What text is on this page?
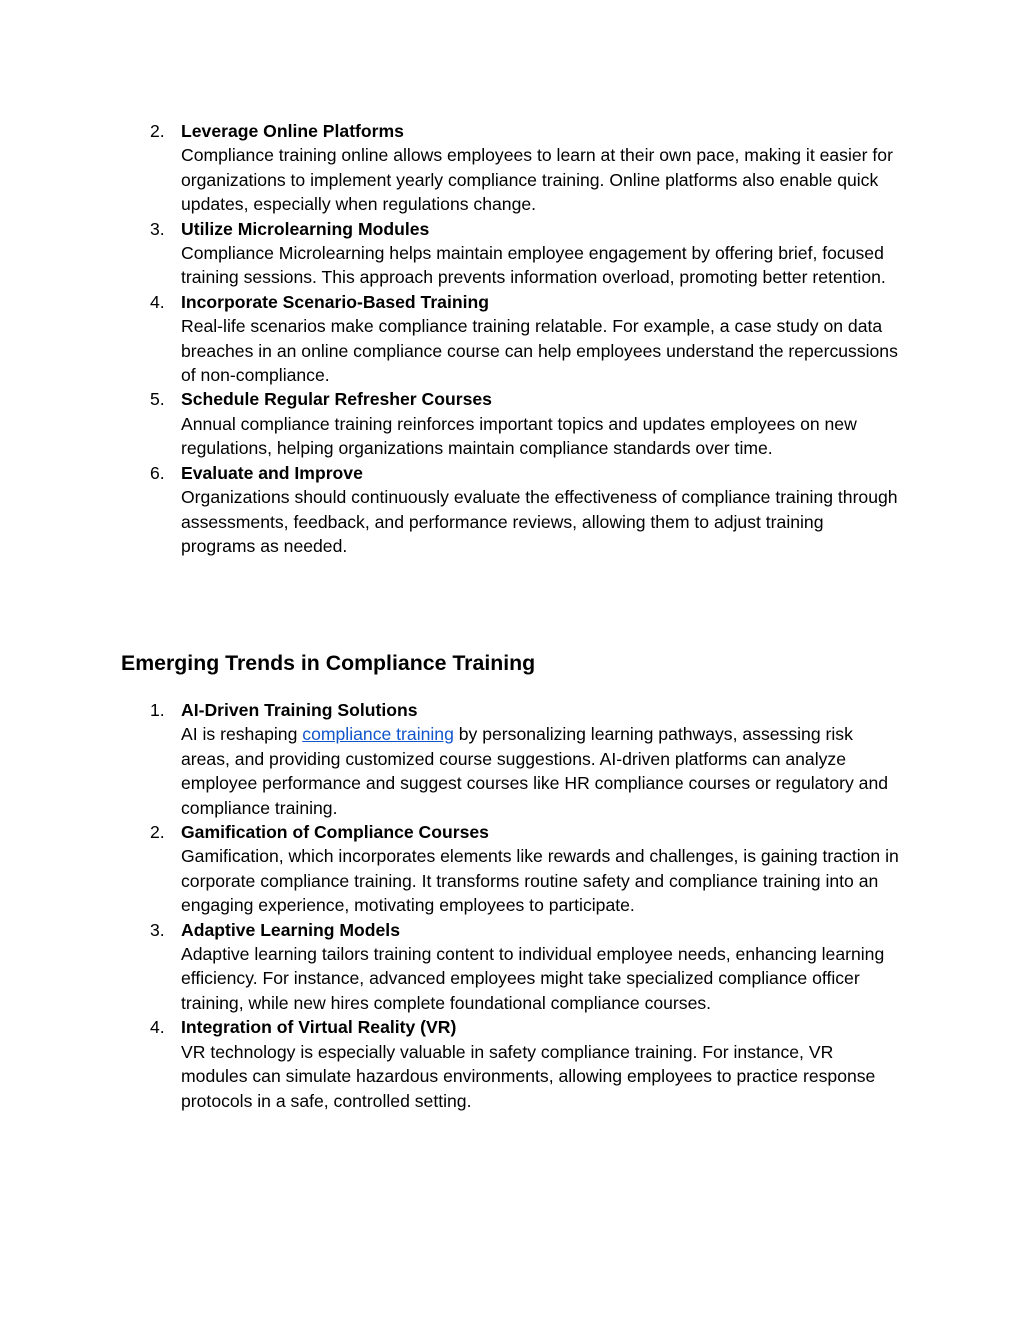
2. Leverage Online Platforms
Compliance training online allows employees to learn at their own pace, making it easier for organizations to implement yearly compliance training. Online platforms also enable quick updates, especially when regulations change.
3. Utilize Microlearning Modules
Compliance Microlearning helps maintain employee engagement by offering brief, focused training sessions. This approach prevents information overload, promoting better retention.
4. Incorporate Scenario-Based Training
Real-life scenarios make compliance training relatable. For example, a case study on data breaches in an online compliance course can help employees understand the repercussions of non-compliance.
5. Schedule Regular Refresher Courses
Annual compliance training reinforces important topics and updates employees on new regulations, helping organizations maintain compliance standards over time.
6. Evaluate and Improve
Organizations should continuously evaluate the effectiveness of compliance training through assessments, feedback, and performance reviews, allowing them to adjust training programs as needed.
Emerging Trends in Compliance Training
1. AI-Driven Training Solutions
AI is reshaping compliance training by personalizing learning pathways, assessing risk areas, and providing customized course suggestions. AI-driven platforms can analyze employee performance and suggest courses like HR compliance courses or regulatory and compliance training.
2. Gamification of Compliance Courses
Gamification, which incorporates elements like rewards and challenges, is gaining traction in corporate compliance training. It transforms routine safety and compliance training into an engaging experience, motivating employees to participate.
3. Adaptive Learning Models
Adaptive learning tailors training content to individual employee needs, enhancing learning efficiency. For instance, advanced employees might take specialized compliance officer training, while new hires complete foundational compliance courses.
4. Integration of Virtual Reality (VR)
VR technology is especially valuable in safety compliance training. For instance, VR modules can simulate hazardous environments, allowing employees to practice response protocols in a safe, controlled setting.
